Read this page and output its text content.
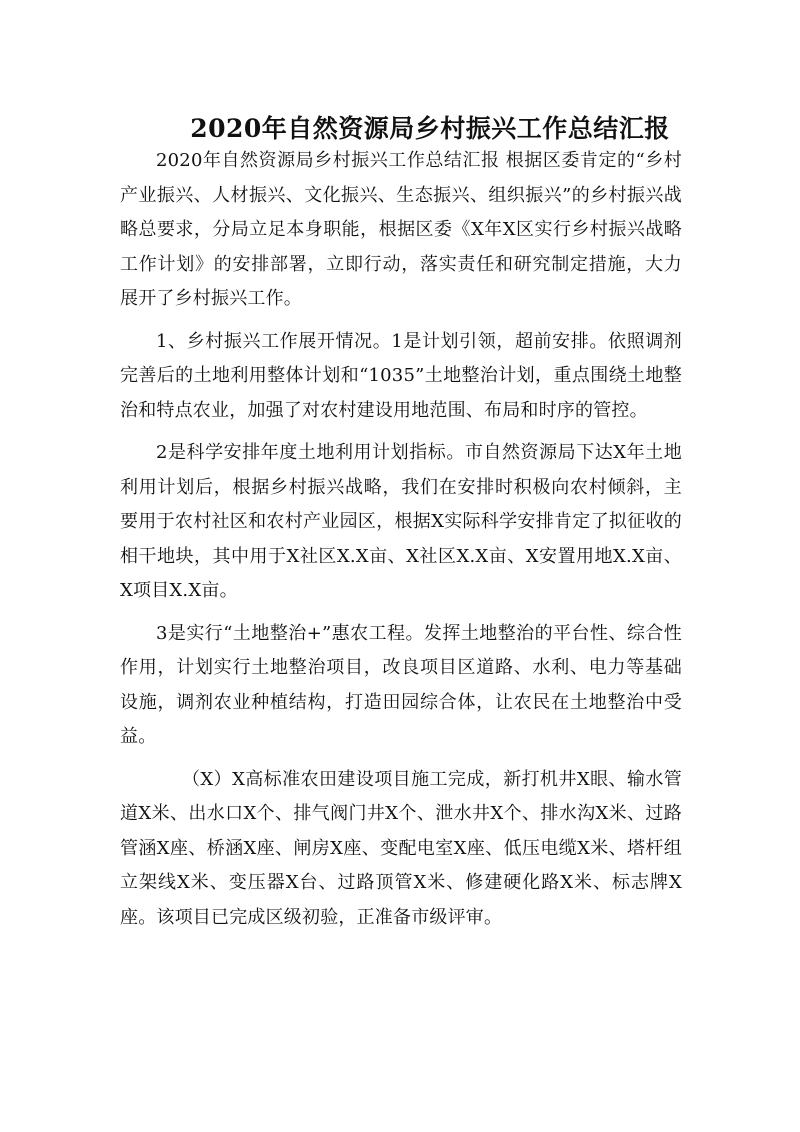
2020年自然资源局乡村振兴工作总结汇报

2020年自然资源局乡村振兴工作总结汇报 根据区委肯定的“乡村产业振兴、人材振兴、文化振兴、生态振兴、组织振兴”的乡村振兴战略总要求，分局立足本身职能，根据区委《X年X区实行乡村振兴战略工作计划》的安排部署，立即行动，落实责任和研究制定措施，大力展开了乡村振兴工作。

1、乡村振兴工作展开情况。1是计划引领，超前安排。依照调剂完善后的土地利用整体计划和“1035”土地整治计划，重点围绕土地整治和特点农业，加强了对农村建设用地范围、布局和时序的管控。

2是科学安排年度土地利用计划指标。市自然资源局下达X年土地利用计划后，根据乡村振兴战略，我们在安排时积极向农村倾斜，主要用于农村社区和农村产业园区，根据X实际科学安排肯定了拟征收的相干地块，其中用于X社区X.X亩、X社区X.X亩、X安置用地X.X亩、X项目X.X亩。

3是实行“土地整治+”惠农工程。发挥土地整治的平台性、综合性作用，计划实行土地整治项目，改良项目区道路、水利、电力等基础设施，调剂农业种植结构，打造田园综合体，让农民在土地整治中受益。

（X）X高标准农田建设项目施工完成，新打机井X眼、输水管道X米、出水口X个、排气阀门井X个、泄水井X个、排水沟X米、过路管涵X座、桥涵X座、闸房X座、变配电室X座、低压电缆X米、塔杆组立架线X米、变压器X台、过路顶管X米、修建硬化路X米、标志牌X座。该项目已完成区级初验，正准备市级评审。
